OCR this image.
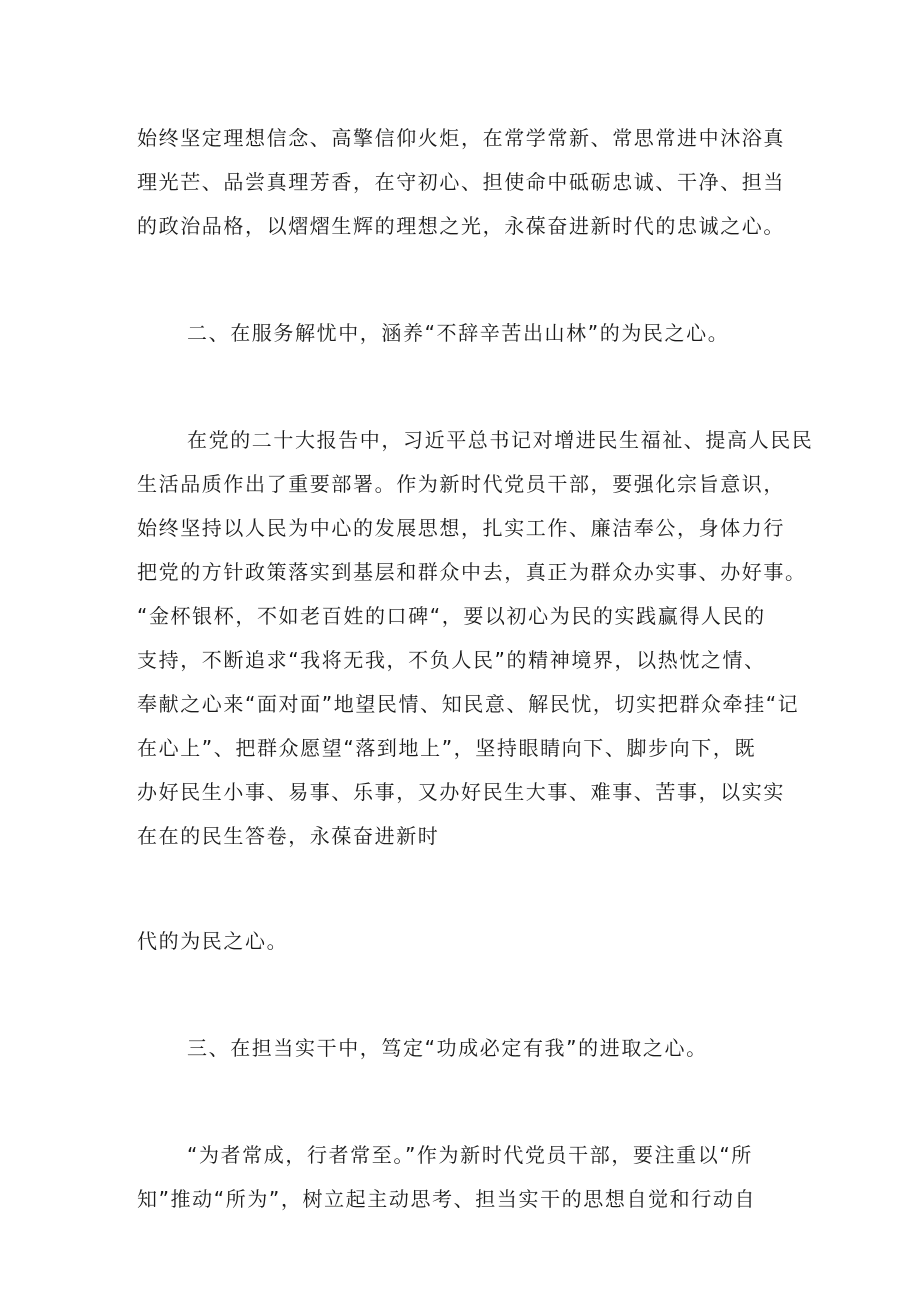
始终坚定理想信念、高擎信仰火炬，在常学常新、常思常进中沐浴真

理光芒、品尝真理芳香，在守初心、担使命中砥砺忠诚、干净、担当

的政治品格，以熠熠生辉的理想之光，永葆奋进新时代的忠诚之心。

二、在服务解忧中，涵养“不辞辛苦出山林”的为民之心。

在党的二十大报告中，习近平总书记对增进民生福祉、提高人民民

生活品质作出了重要部署。作为新时代党员干部，要强化宗旨意识，

始终坚持以人民为中心的发展思想，扎实工作、廉洁奉公，身体力行

把党的方针政策落实到基层和群众中去，真正为群众办实事、办好事。

“金杯银杯，不如老百姓的口碑“，要以初心为民的实践赢得人民的

支持，不断追求“我将无我，不负人民”的精神境界，以热忱之情、

奉献之心来“面对面”地望民情、知民意、解民忧，切实把群众牵挂“记

在心上”、把群众愿望“落到地上”，坚持眼睛向下、脚步向下，既

办好民生小事、易事、乐事，又办好民生大事、难事、苦事，以实实

在在的民生答卷，永葆奋进新时

代的为民之心。

三、在担当实干中，笃定“功成必定有我”的进取之心。

“为者常成，行者常至。”作为新时代党员干部，要注重以“所

知”推动“所为”，树立起主动思考、担当实干的思想自觉和行动自
